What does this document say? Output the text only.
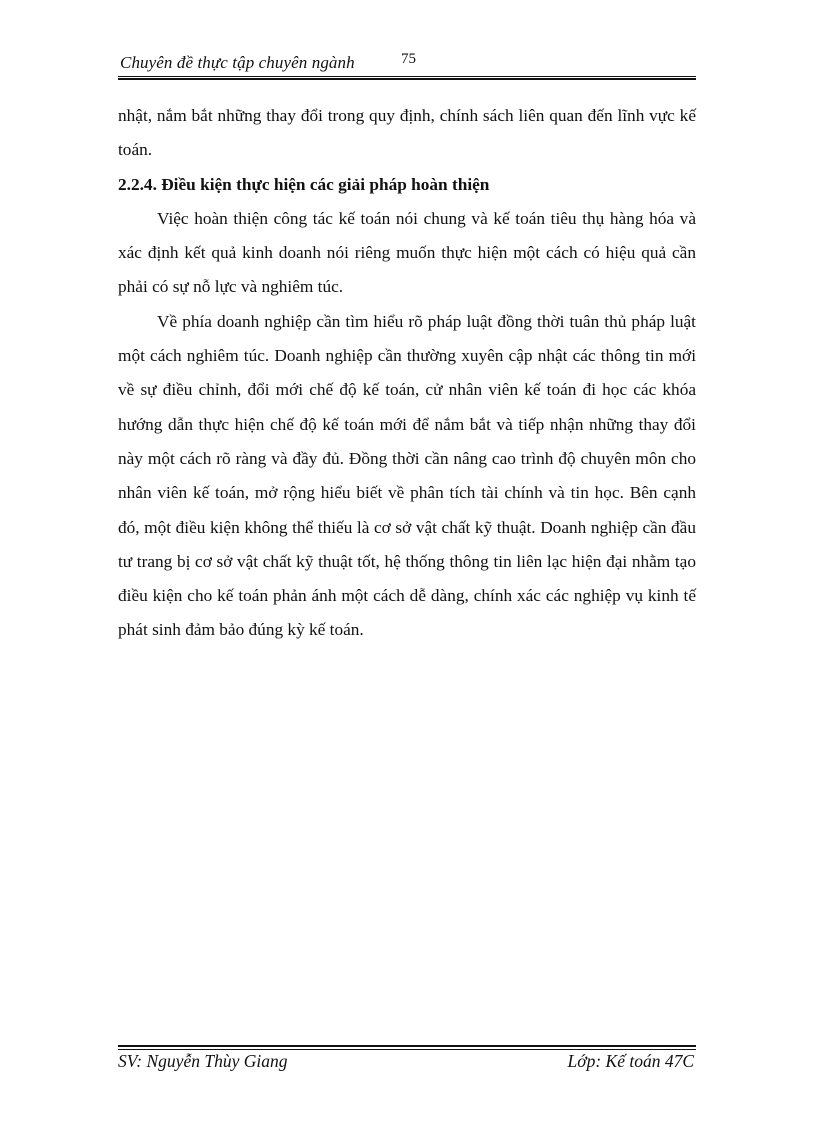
Chuyên đề thực tập chuyên ngành	75

nhật, nắm bắt những thay đổi trong quy định, chính sách liên quan đến lĩnh vực kế toán.

2.2.4. Điều kiện thực hiện các giải pháp hoàn thiện

Việc hoàn thiện công tác kế toán nói chung và kế toán tiêu thụ hàng hóa và xác định kết quả kinh doanh nói riêng muốn thực hiện một cách có hiệu quả cần phải có sự nỗ lực và nghiêm túc.

Về phía doanh nghiệp cần tìm hiểu rõ pháp luật đồng thời tuân thủ pháp luật một cách nghiêm túc. Doanh nghiệp cần thường xuyên cập nhật các thông tin mới về sự điều chỉnh, đổi mới chế độ kế toán, cử nhân viên kế toán đi học các khóa hướng dẫn thực hiện chế độ kế toán mới để nắm bắt và tiếp nhận những thay đổi này một cách rõ ràng và đầy đủ. Đồng thời cần nâng cao trình độ chuyên môn cho nhân viên kế toán, mở rộng hiểu biết về phân tích tài chính và tin học. Bên cạnh đó, một điều kiện không thể thiếu là cơ sở vật chất kỹ thuật. Doanh nghiệp cần đầu tư trang bị cơ sở vật chất kỹ thuật tốt, hệ thống thông tin liên lạc hiện đại nhằm tạo điều kiện cho kế toán phản ánh một cách dễ dàng, chính xác các nghiệp vụ kinh tế phát sinh đảm bảo đúng kỳ kế toán.

SV: Nguyễn Thùy Giang	Lớp: Kế toán 47C
